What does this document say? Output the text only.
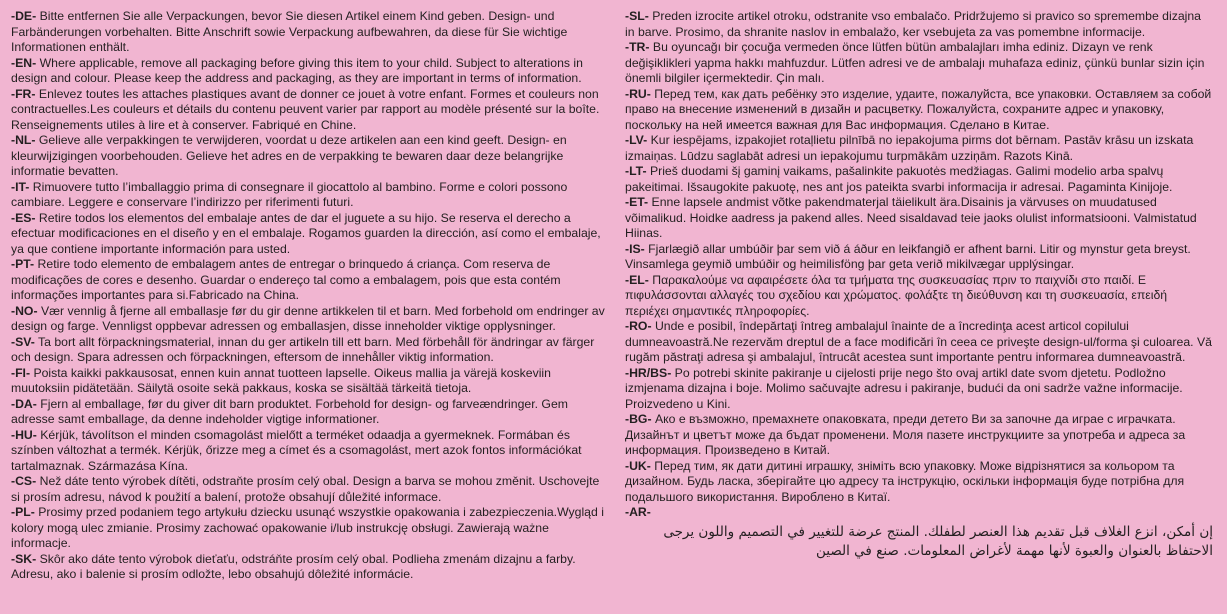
-DE- Bitte entfernen Sie alle Verpackungen, bevor Sie diesen Artikel einem Kind geben. Design- und Farbänderungen vorbehalten. Bitte Anschrift sowie Verpackung aufbewahren, da diese für Sie wichtige Informationen enthält.

-EN- Where applicable, remove all packaging before giving this item to your child. Subject to alterations in design and colour. Please keep the address and packaging, as they are important in terms of information.

-FR- Enlevez toutes les attaches plastiques avant de donner ce jouet à votre enfant. Formes et couleurs non contractuelles.Les couleurs et détails du contenu peuvent varier par rapport au modèle présenté sur la boîte. Renseignements utiles à lire et à conserver. Fabriqué en Chine.

-NL- Gelieve alle verpakkingen te verwijderen, voordat u deze artikelen aan een kind geeft. Design- en kleurwijzigingen voorbehouden. Gelieve het adres en de verpakking te bewaren daar deze belangrijke informatie bevatten.

-IT- Rimuovere tutto l’imballaggio prima di consegnare il giocattolo al bambino. Forme e colori possono cambiare. Leggere e conservare l’indirizzo per riferimenti futuri.

-ES- Retire todos los elementos del embalaje antes de dar el juguete a su hijo. Se reserva el derecho a efectuar modificaciones en el diseño y en el embalaje. Rogamos guarden la dirección, así como el embalaje, ya que contiene importante información para usted.

-PT- Retire todo elemento de embalagem antes de entregar o brinquedo á criança. Com reserva de modificações de cores e desenho. Guardar o endereço tal como a embalagem, pois que esta contém informações importantes para si.Fabricado na China.

-NO- Vær vennlig å fjerne all emballasje før du gir denne artikkelen til et barn. Med forbehold om endringer av design og farge. Vennligst oppbevar adressen og emballasjen, disse inneholder viktige opplysninger.

-SV- Ta bort allt förpackningsmaterial, innan du ger artikeln till ett barn. Med förbehåll för ändringar av färger och design. Spara adressen och förpackningen, eftersom de innehåller viktig information.

-FI- Poista kaikki pakkausosat, ennen kuin annat tuotteen lapselle. Oikeus mallia ja värejä koskeviin muutoksiin pidätetään. Säilytä osoite sekä pakkaus, koska se sisältää tärkeitä tietoja.

-DA- Fjern al emballage, før du giver dit barn produktet. Forbehold for design- og farveændringer. Gem adresse samt emballage, da denne indeholder vigtige informationer.

-HU- Kérjük, távolítson el minden csomagolást mielőtt a terméket odaadja a gyermeknek. Formában és színben változhat a termék. Kérjük, őrizze meg a címet és a csomagolást, mert azok fontos információkat tartalmaznak. Származása Kína.

-CS- Než dáte tento výrobek dítěti, odstraňte prosím celý obal. Design a barva se mohou změnit. Uschovejte si prosím adresu, návod k použití a balení, protože obsahují důležité informace.

-PL- Prosimy przed podaniem tego artykułu dziecku usunąć wszystkie opakowania i zabezpieczenia.Wygląd i kolory mogą ulec zmianie. Prosimy zachować opakowanie i/lub instrukcję obsługi. Zawierają ważne informacje.

-SK- Skôr ako dáte tento výrobok dieťaťu, odstráňte prosím celý obal. Podlieha zmenám dizajnu a farby. Adresu, ako i balenie si prosím odložte, lebo obsahujú dôležité informácie.

-SL- Preden izrocite artikel otroku, odstranite vso embalačo. Pridržujemo si pravico so spremembe dizajna in barve. Prosimo, da shranite naslov in embalažo, ker vsebujeta za vas pomembne informacije.

-TR- Bu oyuncağı bir çocuğa vermeden önce lütfen bütün ambalajları imha ediniz. Dizayn ve renk değişiklikleri yapma hakkı mahfuzdur. Lütfen adresi ve de ambalajı muhafaza ediniz, çünkü bunlar sizin için önemli bilgiler içermektedir. Çin malı.

-RU- Перед тем, как дать ребёнку это изделие, удаите, пожалуйста, все упаковки. Оставляем за собой право на внесение изменений в дизайн и расцветку. Пожалуйста, сохраните адрес и упаковку, поскольку на ней имеется важная для Вас информация. Сделано в Китае.

-LV- Kur iespējams, izpakojiet rotaļlietu pilnībā no iepakojuma pirms dot bērnam. Pastāv krāsu un izskata izmaiņas. Lūdzu saglabāt adresi un iepakojumu turpmākām uzziņām. Razots Kinā.

-LT- Prieš duodami šį gaminį vaikams, pašalinkite pakuotės medžiagas. Galimi modelio arba spalvų pakeitimai. Išsaugokite pakuotę, nes ant jos pateikta svarbi informacija ir adresai. Pagaminta Kinijoje.

-ET- Enne lapsele andmist võtke pakendmaterjal täielikult ära.Disainis ja värvuses on muudatused võimalikud. Hoidke aadress ja pakend alles. Need sisaldavad teie jaoks olulist informatsiooni. Valmistatud Hiinas.

-IS- Fjarlægið allar umbúðir þar sem við á áður en leikfangið er afhent barni. Litir og mynstur geta breyst. Vinsamlega geymið umbúðir og heimilisföng þar geta verið mikilvægar upplýsingar.

-EL- Παρακαλούμε να αφαιρέσετε όλα τα τμήματα της συσκευασίας πριν το παιχνίδι στο παιδί. Ε πιφυλάσσονται αλλαγές του σχεδίου και χρώματος. φολάξτε τη διεύθυνση και τη συσκευασία, επειδή περιέχει σημαντικές πληροφορίες.

-RO- Unde e posibil, îndepărtaţi întreg ambalajul înainte de a încredinţa acest articol copilului dumneavoastră.Ne rezervăm dreptul de a face modificări în ceea ce priveşte design-ul/forma şi culoarea. Vă rugăm păstraţi adresa şi ambalajul, întrucât acestea sunt importante pentru informarea dumneavoastră.

-HR/BS- Po potrebi skinite pakiranje u cijelosti prije nego što ovaj artikl date svom djetetu. Podložno izmjenama dizajna i boje. Molimo sačuvajte adresu i pakiranje, budući da oni sadrže važne informacije. Proizvedeno u Kini.

-BG- Ако е възможно, премахнете опаковката, преди детето Ви за започне да играе с играчката. Дизайнът и цветът може да бъдат променени. Моля пазете инструкциите за употреба и адреса за информация. Произведено в Китай.

-UK- Перед тим, як дати дитині иrpaшку, зніміть всю упаковку. Може відрізнятися за кольором та дизайном. Будь ласка, зберігайте цю адресу та інструкцію, оскільки інформація буде потрібна для подальшого використання. Вироблено в Китаї.

-AR-
إن أمكن، انزع الغلاف قبل تقديم هذا العنصر لطفلك. المنتج عرضة للتغيير في التصميم واللون يرجى الاحتفاظ بالعنوان والعبوة لأنها مهمة لأغراض المعلومات. صنع في الصين
